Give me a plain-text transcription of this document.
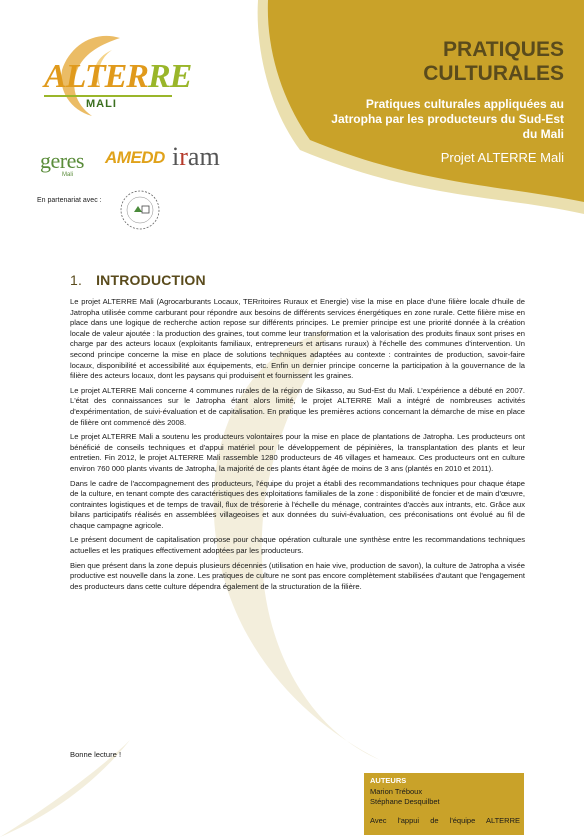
ALTERRE
MALI
geres
Mali
AMEDD iram
En partenariat avec :
PRATIQUES
CULTURALES
Pratiques culturales appliquées au
Jatropha par les producteurs du Sud-Est
du Mali
Projet ALTERRE Mali
1. INTRODUCTION

Le projet ALTERRE Mali (Agrocarburants Locaux, TERritoires Ruraux et Energie) vise la mise en place d'une filière locale d'huile de Jatropha utilisée comme carburant pour répondre aux besoins de différents services énergétiques en zone rurale. Cette filière mise en place dans une logique de recherche action repose sur différents principes. Le premier principe est une priorité donnée à la création locale de valeur ajoutée : la production des graines, tout comme leur transformation et la valorisation des produits finaux sont prises en charge par des acteurs locaux (exploitants familiaux, entrepreneurs et artisans ruraux) à l'échelle des communes d'intervention. Un second principe concerne la mise en place de solutions techniques adaptées au contexte : contraintes de production, savoir-faire locaux, disponibilité et accessibilité aux équipements, etc. Enfin un dernier principe concerne la participation à la gouvernance de la filière des acteurs locaux, dont les paysans qui produisent et fournissent les graines.

Le projet ALTERRE Mali concerne 4 communes rurales de la région de Sikasso, au Sud-Est du Mali. L'expérience a débuté en 2007. L'état des connaissances sur le Jatropha étant alors limité, le projet ALTERRE Mali a intégré de nombreuses activités d'expérimentation, de suivi-évaluation et de capitalisation. En pratique les premières actions concernant la démarche de mise en place de filière ont commencé dès 2008.

Le projet ALTERRE Mali a soutenu les producteurs volontaires pour la mise en place de plantations de Jatropha. Les producteurs ont bénéficié de conseils techniques et d'appui matériel pour le développement de pépinières, la transplantation des plants et leur entretien. Fin 2012, le projet ALTERRE Mali rassemble 1280 producteurs de 46 villages et hameaux. Ces producteurs ont en culture environ 760 000 plants vivants de Jatropha, la majorité de ces plants étant âgée de moins de 3 ans (plantés en 2010 et 2011).

Dans le cadre de l'accompagnement des producteurs, l'équipe du projet a établi des recommandations techniques pour chaque étape de la culture, en tenant compte des caractéristiques des exploitations familiales de la zone : disponibilité de foncier et de main d'œuvre, contraintes logistiques et de temps de travail, flux de trésorerie à l'échelle du ménage, contraintes d'accès aux intrants, etc. Grâce aux bilans participatifs réalisés en assemblées villageoises et aux données du suivi-évaluation, ces préconisations ont évolué au fil de chaque campagne agricole.

Le présent document de capitalisation propose pour chaque opération culturale une synthèse entre les recommandations techniques actuelles et les pratiques effectivement adoptées par les producteurs.

Bien que présent dans la zone depuis plusieurs décennies (utilisation en haie vive, production de savon), la culture de Jatropha a visée productive est nouvelle dans la zone. Les pratiques de culture ne sont pas encore complètement stabilisées d'autant que l'engagement des producteurs dans cette culture dépendra également de la structuration de la filière.

Bonne lecture !
AUTEURS
Marion Tréboux
Stéphane Desquilbet
Avec l'appui de l'équipe ALTERRE
